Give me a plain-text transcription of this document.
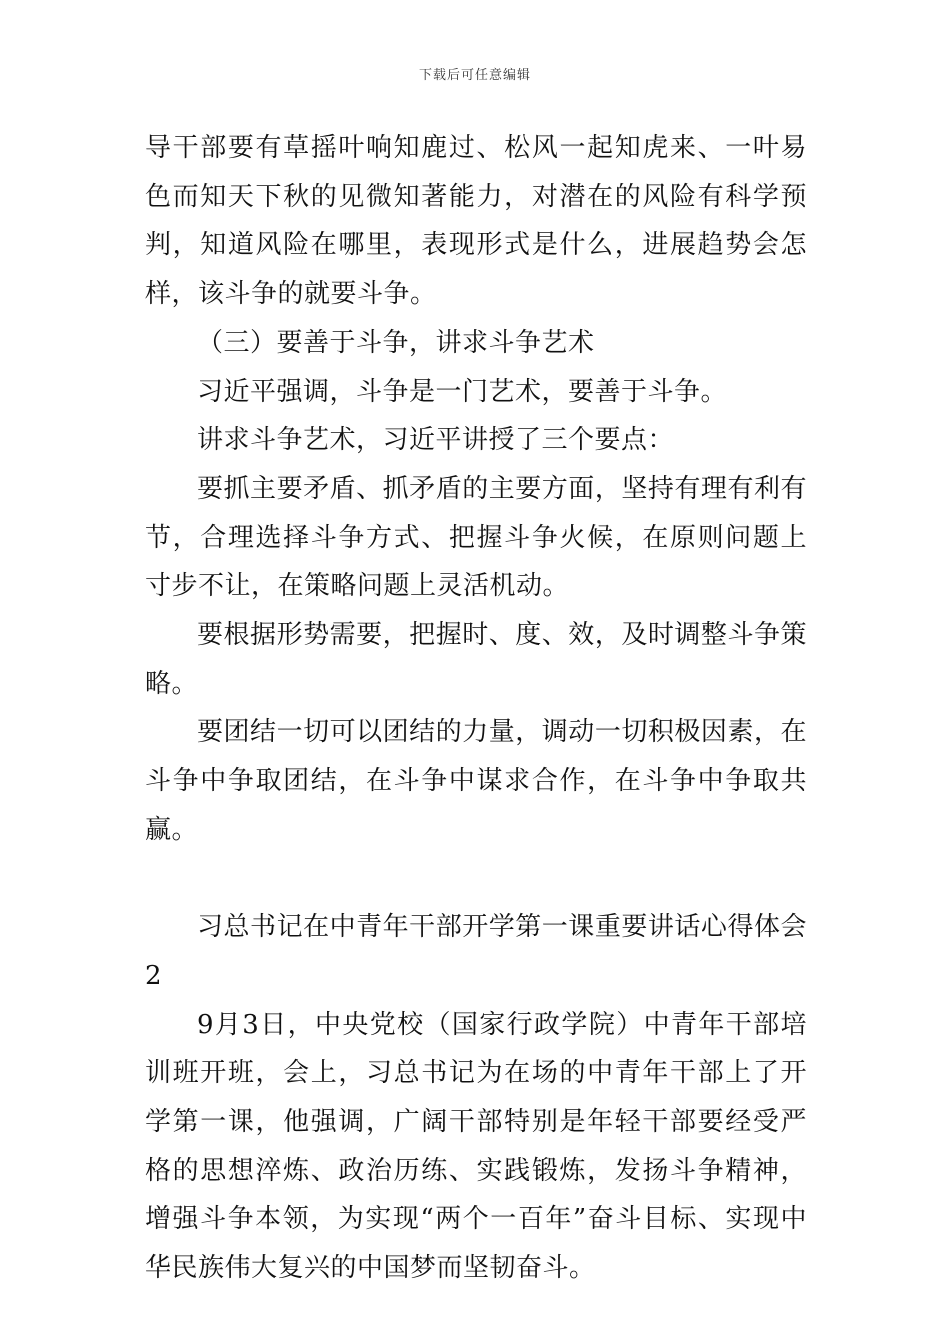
下载后可任意编辑

导干部要有草摇叶响知鹿过、松风一起知虎来、一叶易色而知天下秋的见微知著能力，对潜在的风险有科学预判，知道风险在哪里，表现形式是什么，进展趋势会怎样，该斗争的就要斗争。

（三）要善于斗争，讲求斗争艺术

习近平强调，斗争是一门艺术，要善于斗争。

讲求斗争艺术，习近平讲授了三个要点：

要抓主要矛盾、抓矛盾的主要方面，坚持有理有利有节，合理选择斗争方式、把握斗争火候，在原则问题上寸步不让，在策略问题上灵活机动。

要根据形势需要，把握时、度、效，及时调整斗争策略。

要团结一切可以团结的力量，调动一切积极因素，在斗争中争取团结，在斗争中谋求合作，在斗争中争取共赢。

习总书记在中青年干部开学第一课重要讲话心得体会2

9月3日，中央党校（国家行政学院）中青年干部培训班开班，会上，习总书记为在场的中青年干部上了开学第一课，他强调，广阔干部特别是年轻干部要经受严格的思想淬炼、政治历练、实践锻炼，发扬斗争精神，增强斗争本领，为实现“两个一百年”奋斗目标、实现中华民族伟大复兴的中国梦而坚韧奋斗。
